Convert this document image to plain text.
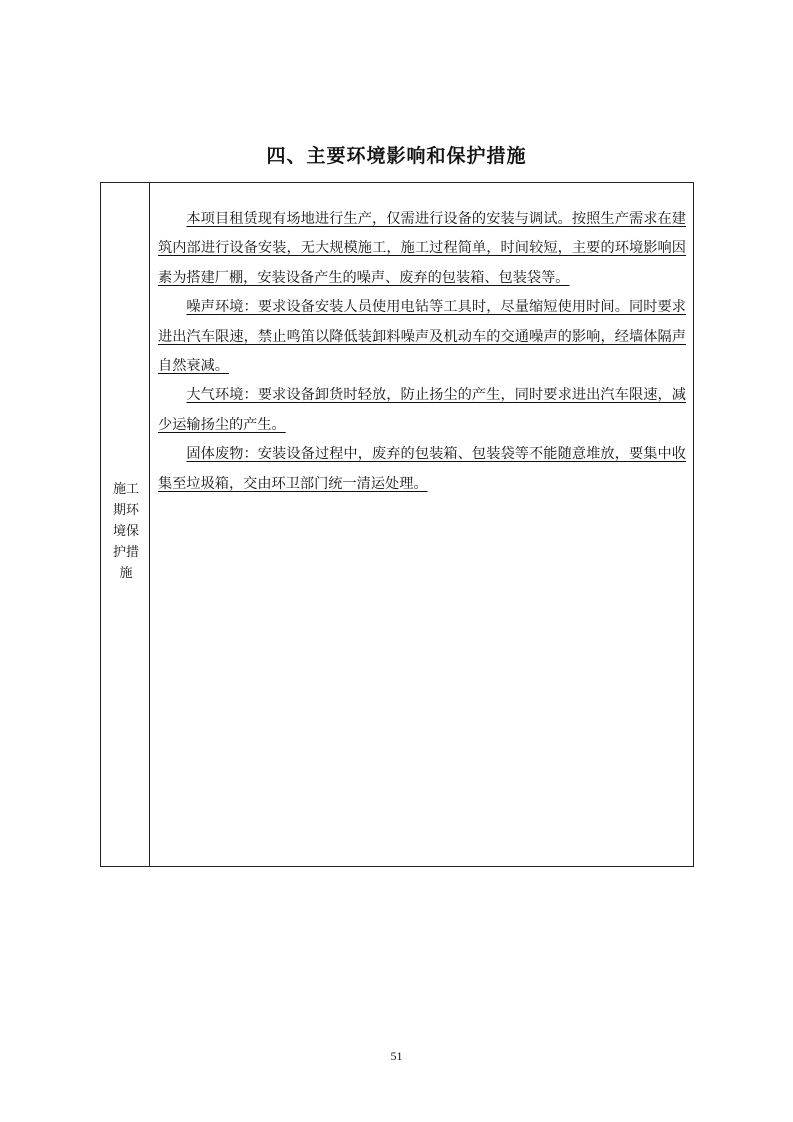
四、主要环境影响和保护措施
施工期环境保护措施

本项目租赁现有场地进行生产，仅需进行设备的安装与调试。按照生产需求在建筑内部进行设备安装，无大规模施工，施工过程简单，时间较短，主要的环境影响因素为搭建厂棚，安装设备产生的噪声、废弃的包装箱、包装袋等。

噪声环境：要求设备安装人员使用电钻等工具时，尽量缩短使用时间。同时要求进出汽车限速，禁止鸣笛以降低装卸料噪声及机动车的交通噪声的影响，经墙体隔声自然衰减。

大气环境：要求设备卸货时轻放，防止扬尘的产生，同时要求进出汽车限速，减少运输扬尘的产生。

固体废物：安装设备过程中，废弃的包装箱、包装袋等不能随意堆放，要集中收集至垃圾箱，交由环卫部门统一清运处理。

51
